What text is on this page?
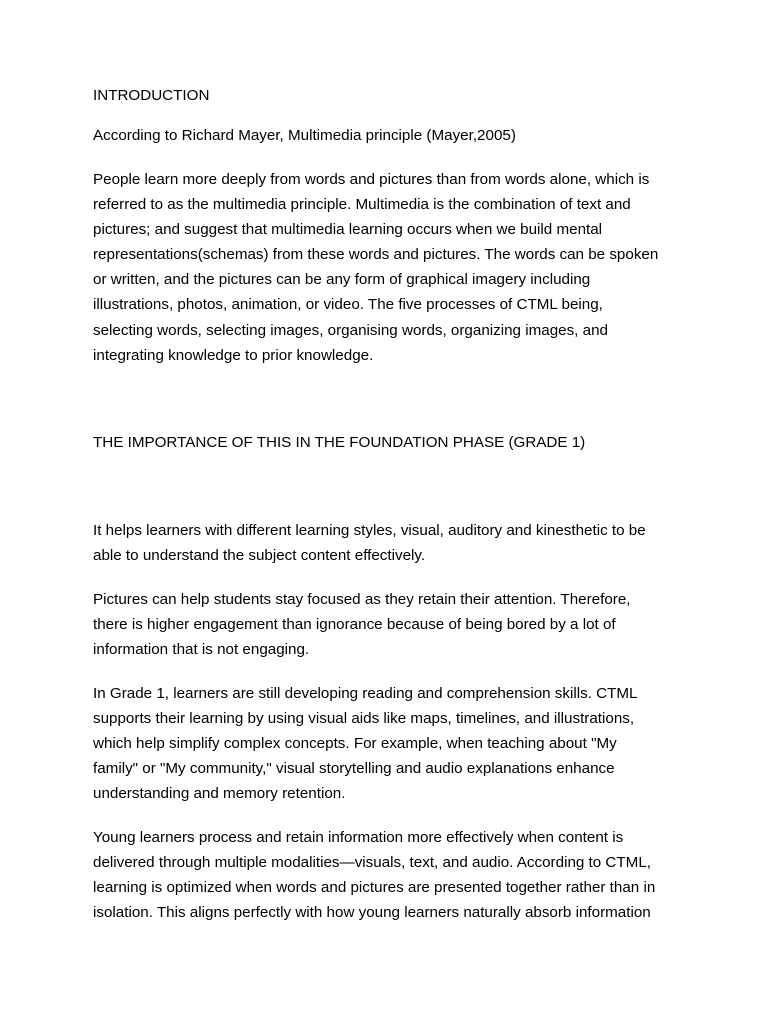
INTRODUCTION

According to Richard Mayer, Multimedia principle (Mayer,2005)

People learn more deeply from words and pictures than from words alone, which is
referred to as the multimedia principle. Multimedia is the combination of text and
pictures; and suggest that multimedia learning occurs when we build mental
representations(schemas) from these words and pictures. The words can be spoken
or written, and the pictures can be any form of graphical imagery including
illustrations, photos, animation, or video. The five processes of CTML being,
selecting words, selecting images, organising words, organizing images, and
integrating knowledge to prior knowledge.

THE IMPORTANCE OF THIS IN THE FOUNDATION PHASE (GRADE 1)

It helps learners with different learning styles, visual, auditory and kinesthetic to be
able to understand the subject content effectively.

Pictures can help students stay focused as they retain their attention. Therefore,
there is higher engagement than ignorance because of being bored by a lot of
information that is not engaging.

In Grade 1, learners are still developing reading and comprehension skills. CTML
supports their learning by using visual aids like maps, timelines, and illustrations,
which help simplify complex concepts. For example, when teaching about "My
family" or "My community," visual storytelling and audio explanations enhance
understanding and memory retention.

Young learners process and retain information more effectively when content is
delivered through multiple modalities—visuals, text, and audio. According to CTML,
learning is optimized when words and pictures are presented together rather than in
isolation. This aligns perfectly with how young learners naturally absorb information
